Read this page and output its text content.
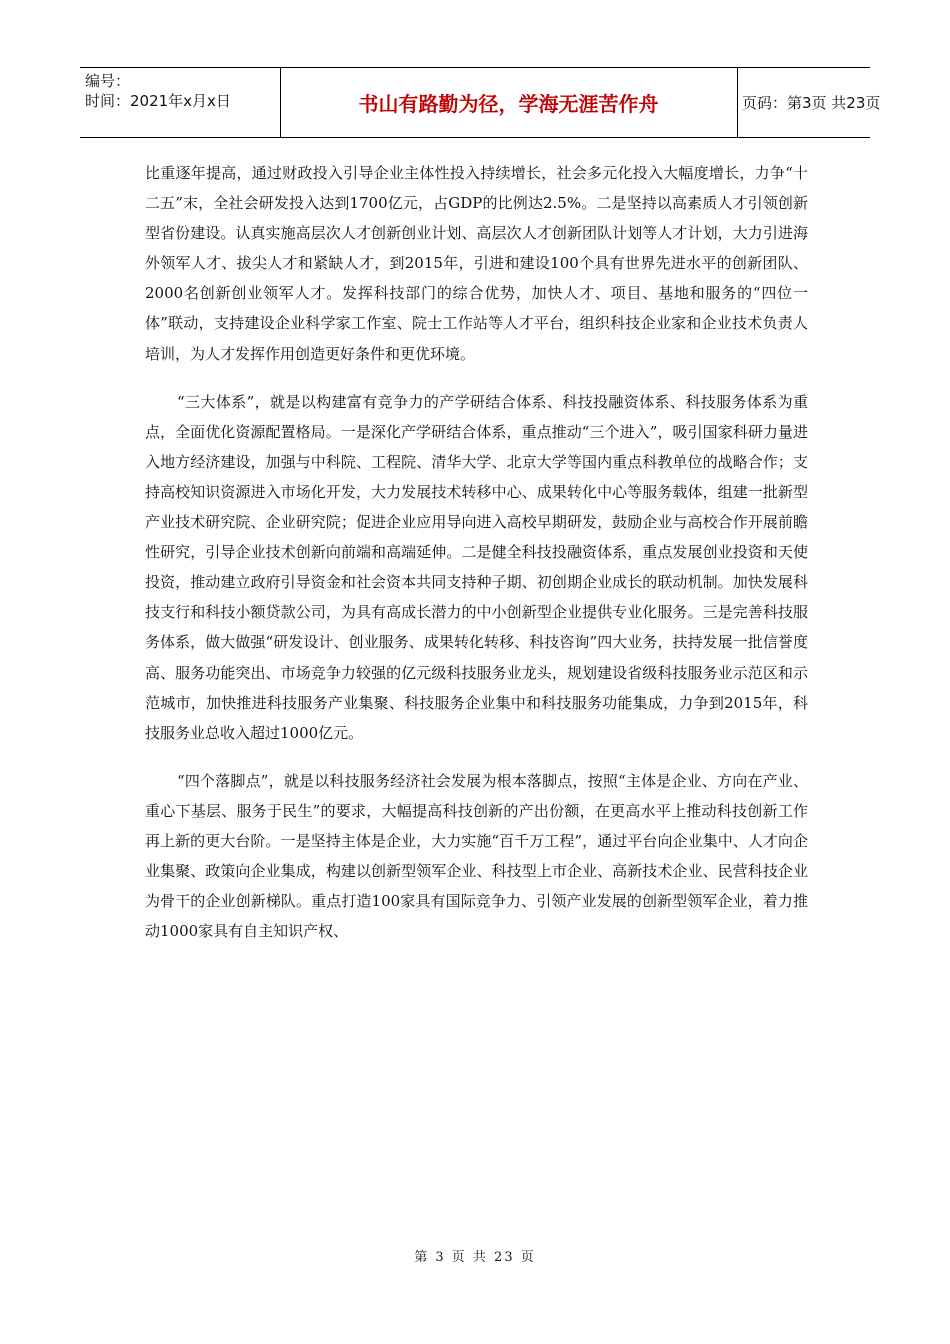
编号：
时间：2021年x月x日	书山有路勤为径，学海无涯苦作舟	页码：第3页 共23页

比重逐年提高，通过财政投入引导企业主体性投入持续增长，社会多元化投入大幅度增长，力争“十二五”末，全社会研发投入达到1700亿元，占GDP的比例达2.5%。二是坚持以高素质人才引领创新型省份建设。认真实施高层次人才创新创业计划、高层次人才创新团队计划等人才计划，大力引进海外领军人才、拔尖人才和紧缺人才，到2015年，引进和建设100个具有世界先进水平的创新团队、2000名创新创业领军人才。发挥科技部门的综合优势，加快人才、项目、基地和服务的“四位一体”联动，支持建设企业科学家工作室、院士工作站等人才平台，组织科技企业家和企业技术负责人培训，为人才发挥作用创造更好条件和更优环境。

“三大体系”，就是以构建富有竞争力的产学研结合体系、科技投融资体系、科技服务体系为重点，全面优化资源配置格局。一是深化产学研结合体系，重点推动“三个进入”，吸引国家科研力量进入地方经济建设，加强与中科院、工程院、清华大学、北京大学等国内重点科教单位的战略合作；支持高校知识资源进入市场化开发，大力发展技术转移中心、成果转化中心等服务载体，组建一批新型产业技术研究院、企业研究院；促进企业应用导向进入高校早期研发，鼓励企业与高校合作开展前瞻性研究，引导企业技术创新向前端和高端延伸。二是健全科技投融资体系，重点发展创业投资和天使投资，推动建立政府引导资金和社会资本共同支持种子期、初创期企业成长的联动机制。加快发展科技支行和科技小额贷款公司，为具有高成长潜力的中小创新型企业提供专业化服务。三是完善科技服务体系，做大做强“研发设计、创业服务、成果转化转移、科技咨询”四大业务，扶持发展一批信誉度高、服务功能突出、市场竞争力较强的亿元级科技服务业龙头，规划建设省级科技服务业示范区和示范城市，加快推进科技服务产业集聚、科技服务企业集中和科技服务功能集成，力争到2015年，科技服务业总收入超过1000亿元。

“四个落脚点”，就是以科技服务经济社会发展为根本落脚点，按照“主体是企业、方向在产业、重心下基层、服务于民生”的要求，大幅提高科技创新的产出份额，在更高水平上推动科技创新工作再上新的更大台阶。一是坚持主体是企业，大力实施“百千万工程”，通过平台向企业集中、人才向企业集聚、政策向企业集成，构建以创新型领军企业、科技型上市企业、高新技术企业、民营科技企业为骨干的企业创新梯队。重点打造100家具有国际竞争力、引领产业发展的创新型领军企业，着力推动1000家具有自主知识产权、

第 3 页 共 23 页
